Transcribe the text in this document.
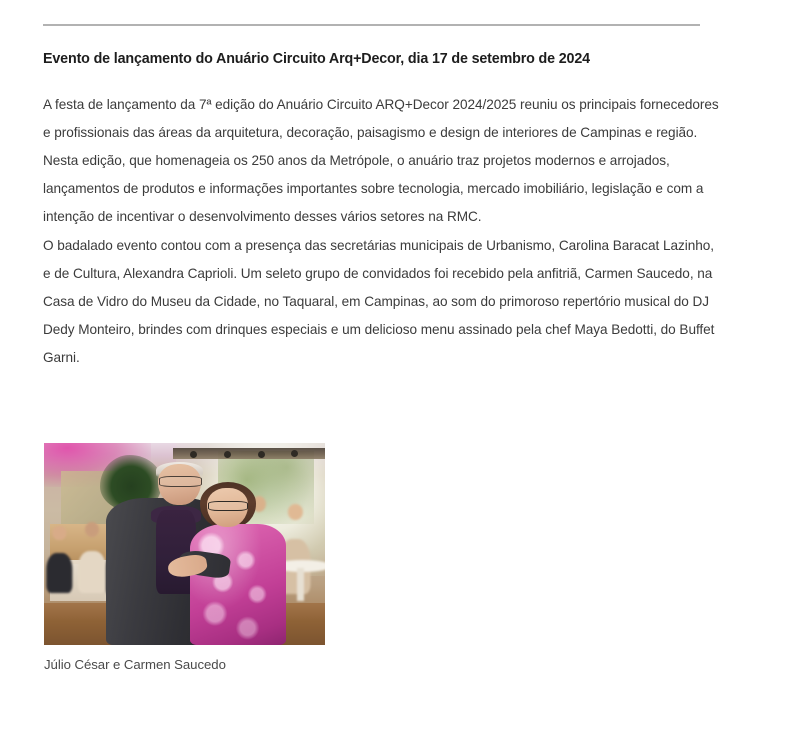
Evento de lançamento do Anuário Circuito Arq+Decor, dia 17 de setembro de 2024

A festa de lançamento da 7ª edição do Anuário Circuito ARQ+Decor 2024/2025 reuniu os principais fornecedores e profissionais das áreas da arquitetura, decoração, paisagismo e design de interiores de Campinas e região.

Nesta edição, que homenageia os 250 anos da Metrópole, o anuário traz projetos modernos e arrojados, lançamentos de produtos e informações importantes sobre tecnologia, mercado imobiliário, legislação e com a intenção de incentivar o desenvolvimento desses vários setores na RMC.

O badalado evento contou com a presença das secretárias municipais de Urbanismo, Carolina Baracat Lazinho, e de Cultura, Alexandra Caprioli. Um seleto grupo de convidados foi recebido pela anfitriã, Carmen Saucedo, na Casa de Vidro do Museu da Cidade, no Taquaral, em Campinas, ao som do primoroso repertório musical do DJ Dedy Monteiro, brindes com drinques especiais e um delicioso menu assinado pela chef Maya Bedotti, do Buffet Garni.

Júlio César e Carmen Saucedo
